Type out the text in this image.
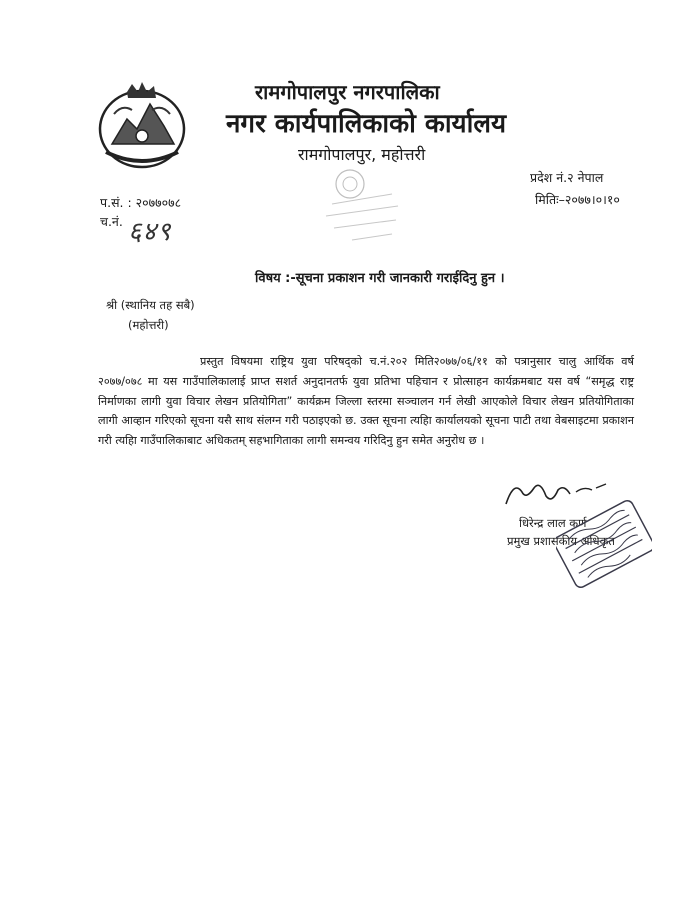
रामगोपालपुर नगरपालिका
नगर कार्यपालिकाको कार्यालय
रामगोपालपुर, महोत्तरी
प्रदेश नं.२ नेपाल
मितिः–२०७७।०।१०
प.सं. : २०७७०७८
च.नं. ६४९
विषय :-सूचना प्रकाशन गरी जानकारी गराईदिनु हुन ।
श्री (स्थानिय तह सबै)
(महोत्तरी)
प्रस्तुत विषयमा राष्ट्रिय युवा परिषद्को च.नं.२०२ मिति२०७७/०६/११ को पत्रानुसार चालु आर्थिक वर्ष २०७७/०७८ मा यस गाउँपालिकालाई प्राप्त सशर्त अनुदानतर्फ युवा प्रतिभा पहिचान र प्रोत्साहन कार्यक्रमबाट यस वर्ष “समृद्ध राष्ट्र निर्माणका लागी युवा विचार लेखन प्रतियोगिता” कार्यक्रम जिल्ला स्तरमा सञ्चालन गर्न लेखी आएकोले विचार लेखन प्रतियोगिताका लागी आव्हान गरिएको सूचना यसै साथ संलग्न गरी पठाइएको छ. उक्त सूचना त्यहिा कार्यालयको सूचना पाटी तथा वेबसाइटमा प्रकाशन गरी त्यहिा गाउँपालिकाबाट अधिकतम् सहभागिताका लागी समन्वय गरिदिनु हुन समेत अनुरोध छ ।
धिरेन्द्र लाल कर्ण
प्रमुख प्रशासकीय अधिकृत
